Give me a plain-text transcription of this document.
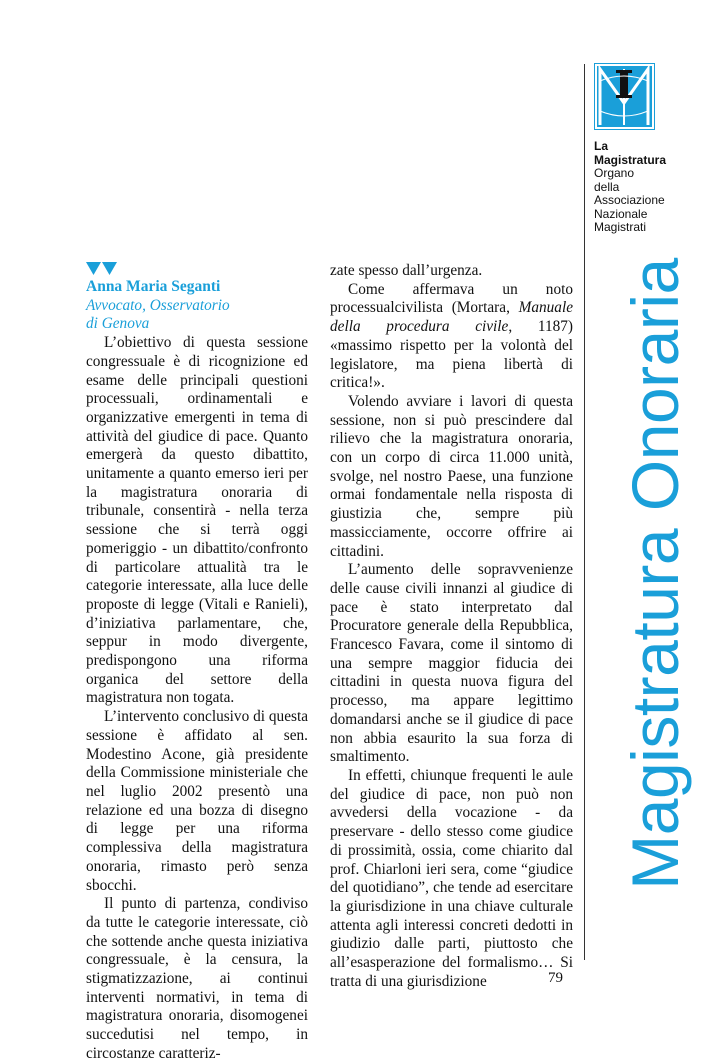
La
Magistratura
Organo
della
Associazione
Nazionale
Magistrati
Magistratura Onoraria
Anna Maria Seganti
Avvocato, Osservatorio
di Genova

L’obiettivo di questa sessione congressuale è di ricognizione ed esame delle principali questioni processuali, ordinamentali e organizzative emergenti in tema di attività del giudice di pace. Quanto emergerà da questo dibattito, unitamente a quanto emerso ieri per la magistratura onoraria di tribunale, consentirà - nella terza sessione che si terrà oggi pomeriggio - un dibattito/confronto di particolare attualità tra le categorie interessate, alla luce delle proposte di legge (Vitali e Ranieli), d’iniziativa parlamentare, che, seppur in modo divergente, predispongono una riforma organica del settore della magistratura non togata.

L’intervento conclusivo di questa sessione è affidato al sen. Modestino Acone, già presidente della Commissione ministeriale che nel luglio 2002 presentò una relazione ed una bozza di disegno di legge per una riforma complessiva della magistratura onoraria, rimasto però senza sbocchi.

Il punto di partenza, condiviso da tutte le categorie interessate, ciò che sottende anche questa iniziativa congressuale, è la censura, la stigmatizzazione, ai continui interventi normativi, in tema di magistratura onoraria, disomogenei succedutisi nel tempo, in circostanze caratteriz-

zate spesso dall’urgenza.

Come affermava un noto processualcivilista (Mortara, Manuale della procedura civile, 1187) «massimo rispetto per la volontà del legislatore, ma piena libertà di critica!».

Volendo avviare i lavori di questa sessione, non si può prescindere dal rilievo che la magistratura onoraria, con un corpo di circa 11.000 unità, svolge, nel nostro Paese, una funzione ormai fondamentale nella risposta di giustizia che, sempre più massicciamente, occorre offrire ai cittadini.

L’aumento delle sopravvenienze delle cause civili innanzi al giudice di pace è stato interpretato dal Procuratore generale della Repubblica, Francesco Favara, come il sintomo di una sempre maggior fiducia dei cittadini in questa nuova figura del processo, ma appare legittimo domandarsi anche se il giudice di pace non abbia esaurito la sua forza di smaltimento.

In effetti, chiunque frequenti le aule del giudice di pace, non può non avvedersi della vocazione - da preservare - dello stesso come giudice di prossimità, ossia, come chiarito dal prof. Chiarloni ieri sera, come “giudice del quotidiano”, che tende ad esercitare la giurisdizione in una chiave culturale attenta agli interessi concreti dedotti in giudizio dalle parti, piuttosto che all’esasperazione del formalismo… Si tratta di una giurisdizione	79
